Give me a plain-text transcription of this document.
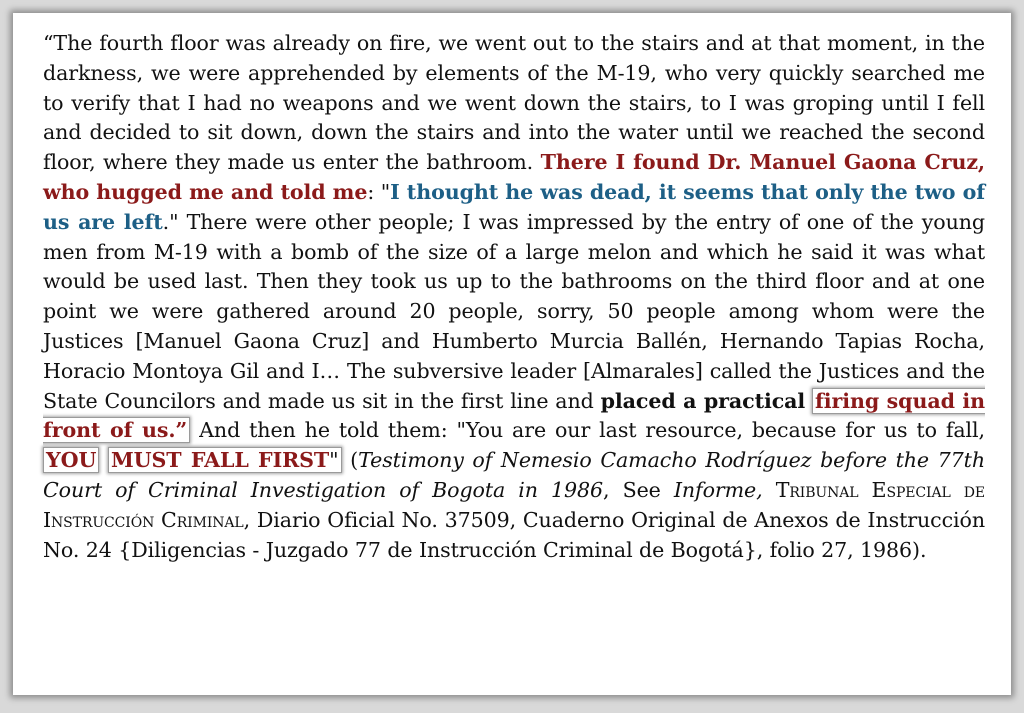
“The fourth floor was already on fire, we went out to the stairs and at that moment, in the darkness, we were apprehended by elements of the M-19, who very quickly searched me to verify that I had no weapons and we went down the stairs, to I was groping until I fell and decided to sit down, down the stairs and into the water until we reached the second floor, where they made us enter the bathroom. There I found Dr. Manuel Gaona Cruz, who hugged me and told me: "I thought he was dead, it seems that only the two of us are left." There were other people; I was impressed by the entry of one of the young men from M-19 with a bomb of the size of a large melon and which he said it was what would be used last. Then they took us up to the bathrooms on the third floor and at one point we were gathered around 20 people, sorry, 50 people among whom were the Justices [Manuel Gaona Cruz] and Humberto Murcia Ballén, Hernando Tapias Rocha, Horacio Montoya Gil and I… The subversive leader [Almarales] called the Justices and the State Councilors and made us sit in the first line and placed a practical firing squad in front of us.” And then he told them: "You are our last resource, because for us to fall, YOU MUST FALL FIRST" (Testimony of Nemesio Camacho Rodríguez before the 77th Court of Criminal Investigation of Bogota in 1986, See Informe, Tribunal Especial de Instrucción Criminal, Diario Oficial No. 37509, Cuaderno Original de Anexos de Instrucción No. 24 {Diligencias - Juzgado 77 de Instrucción Criminal de Bogotá}, folio 27, 1986).
